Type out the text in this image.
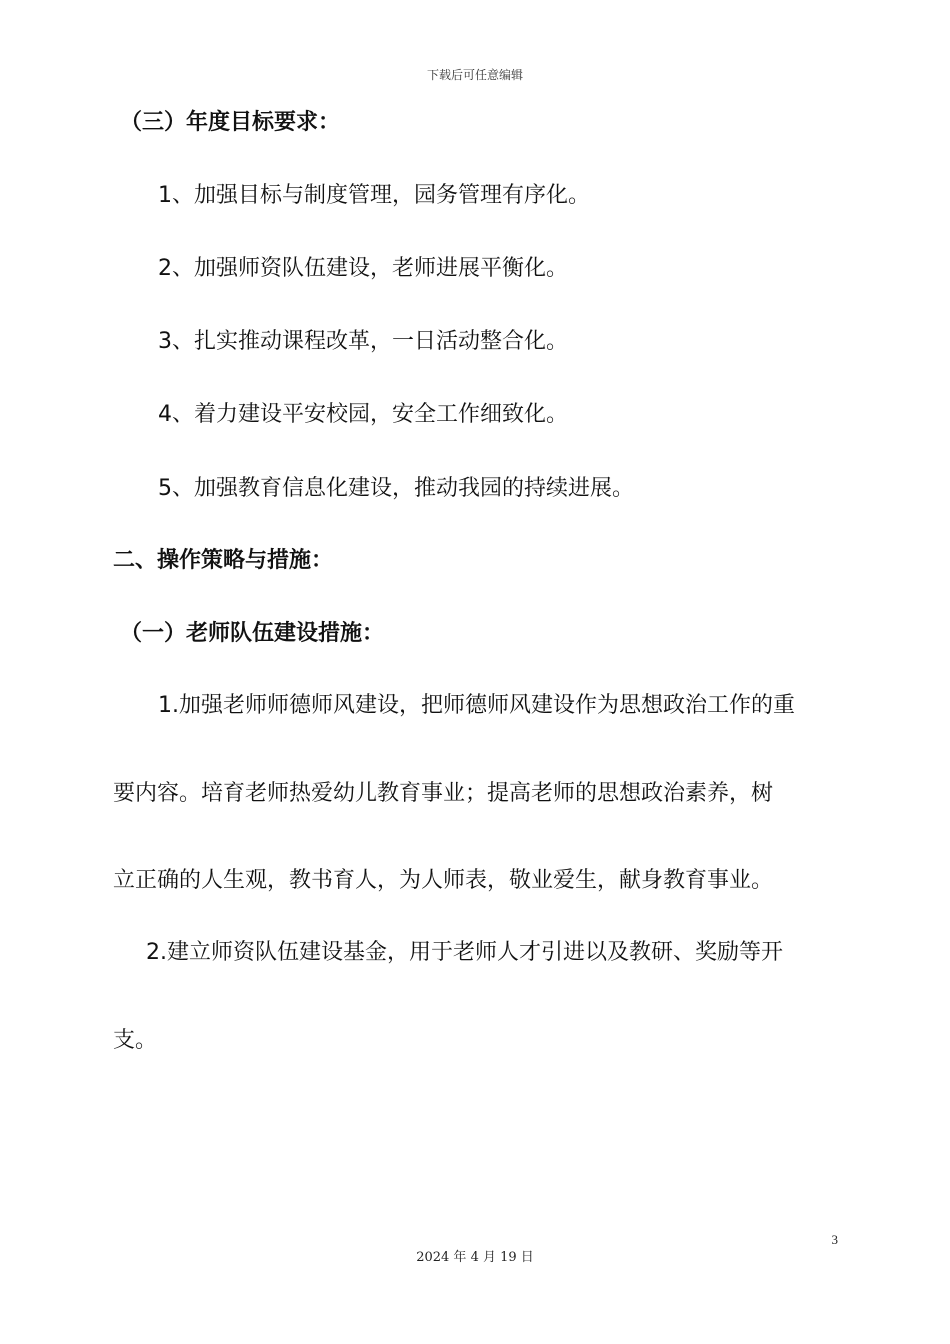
下载后可任意编辑
（三）年度目标要求：
1、加强目标与制度管理，园务管理有序化。
2、加强师资队伍建设，老师进展平衡化。
3、扎实推动课程改革，一日活动整合化。
4、着力建设平安校园，安全工作细致化。
5、加强教育信息化建设，推动我园的持续进展。
二、操作策略与措施：
（一）老师队伍建设措施：
1.加强老师师德师风建设，把师德师风建设作为思想政治工作的重
要内容。培育老师热爱幼儿教育事业；提高老师的思想政治素养，树
立正确的人生观，教书育人，为人师表，敬业爱生，献身教育事业。
2.建立师资队伍建设基金，用于老师人才引进以及教研、奖励等开
支。
3
2024 年 4 月 19 日
